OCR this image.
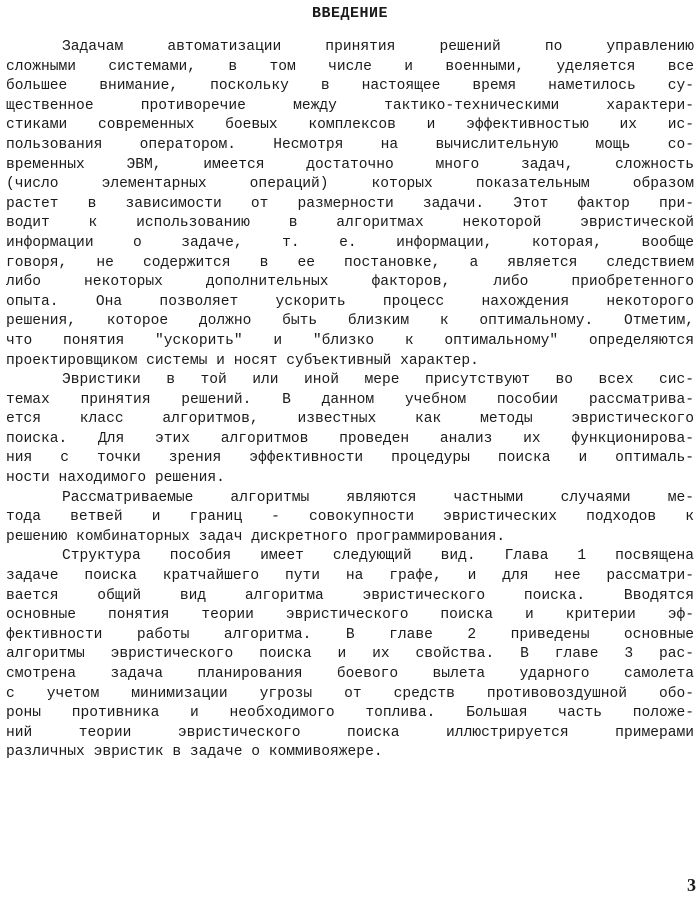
ВВЕДЕНИЕ
Задачам автоматизации принятия решений по управлению
сложными системами, в том числе и военными, уделяется все
большее внимание, поскольку в настоящее время наметилось су-
щественное противоречие между тактико-техническими характери-
стиками современных боевых комплексов и эффективностью их ис-
пользования оператором. Несмотря на вычислительную мощь со-
временных ЭВМ, имеется достаточно много задач, сложность
(число элементарных операций) которых показательным образом
растет в зависимости от размерности задачи. Этот фактор при-
водит к использованию в алгоритмах некоторой эвристической
информации о задаче, т. е. информации, которая, вообще
говоря, не содержится в ее постановке, а является следствием
либо некоторых дополнительных факторов, либо приобретенного
опыта. Она позволяет ускорить процесс нахождения некоторого
решения, которое должно быть близким к оптимальному. Отметим,
что понятия "ускорить" и "близко к оптимальному" определяются
проектировщиком системы и носят субъективный характер.
Эвристики в той или иной мере присутствуют во всех сис-
темах принятия решений. В данном учебном пособии рассматрива-
ется класс алгоритмов, известных как методы эвристического
поиска. Для этих алгоритмов проведен анализ их функционирова-
ния с точки зрения эффективности процедуры поиска и оптималь-
ности находимого решения.
Рассматриваемые алгоритмы являются частными случаями ме-
тода ветвей и границ - совокупности эвристических подходов к
решению комбинаторных задач дискретного программирования.
Структура пособия имеет следующий вид. Глава 1 посвящена
задаче поиска кратчайшего пути на графе, и для нее рассматри-
вается общий вид алгоритма эвристического поиска. Вводятся
основные понятия теории эвристического поиска и критерии эф-
фективности работы алгоритма. В главе 2 приведены основные
алгоритмы эвристического поиска и их свойства. В главе 3 рас-
смотрена задача планирования боевого вылета ударного самолета
с учетом минимизации угрозы от средств противовоздушной обо-
роны противника и необходимого топлива. Большая часть положе-
ний теории эвристического поиска иллюстрируется примерами
различных эвристик в задаче о коммивояжере.
3
